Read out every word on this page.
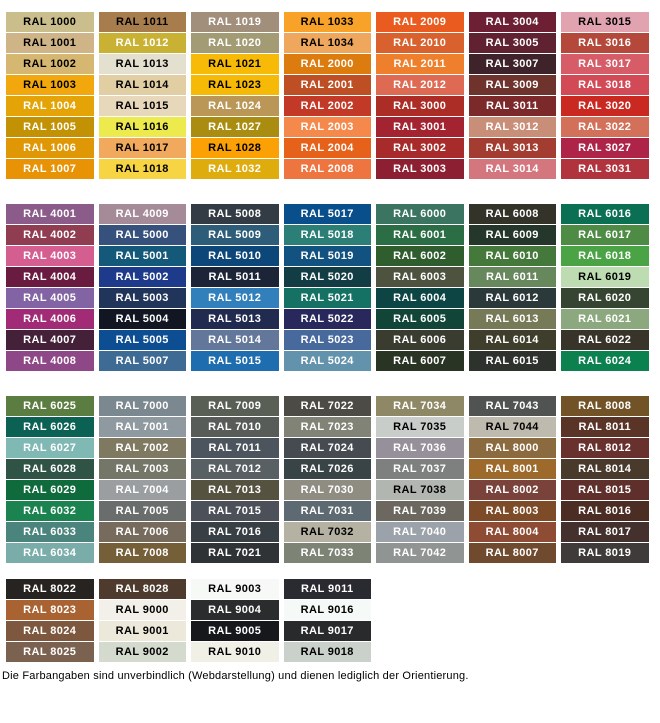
RAL 1000
RAL 1001
RAL 1002
RAL 1003
RAL 1004
RAL 1005
RAL 1006
RAL 1007
RAL 1011
RAL 1012
RAL 1013
RAL 1014
RAL 1015
RAL 1016
RAL 1017
RAL 1018
RAL 1019
RAL 1020
RAL 1021
RAL 1023
RAL 1024
RAL 1027
RAL 1028
RAL 1032
RAL 1033
RAL 1034
RAL 2000
RAL 2001
RAL 2002
RAL 2003
RAL 2004
RAL 2008
RAL 2009
RAL 2010
RAL 2011
RAL 2012
RAL 3000
RAL 3001
RAL 3002
RAL 3003
RAL 3004
RAL 3005
RAL 3007
RAL 3009
RAL 3011
RAL 3012
RAL 3013
RAL 3014
RAL 3015
RAL 3016
RAL 3017
RAL 3018
RAL 3020
RAL 3022
RAL 3027
RAL 3031
RAL 4001
RAL 4002
RAL 4003
RAL 4004
RAL 4005
RAL 4006
RAL 4007
RAL 4008
RAL 4009
RAL 5000
RAL 5001
RAL 5002
RAL 5003
RAL 5004
RAL 5005
RAL 5007
RAL 5008
RAL 5009
RAL 5010
RAL 5011
RAL 5012
RAL 5013
RAL 5014
RAL 5015
RAL 5017
RAL 5018
RAL 5019
RAL 5020
RAL 5021
RAL 5022
RAL 5023
RAL 5024
RAL 6000
RAL 6001
RAL 6002
RAL 6003
RAL 6004
RAL 6005
RAL 6006
RAL 6007
RAL 6008
RAL 6009
RAL 6010
RAL 6011
RAL 6012
RAL 6013
RAL 6014
RAL 6015
RAL 6016
RAL 6017
RAL 6018
RAL 6019
RAL 6020
RAL 6021
RAL 6022
RAL 6024
RAL 6025
RAL 6026
RAL 6027
RAL 6028
RAL 6029
RAL 6032
RAL 6033
RAL 6034
RAL 7000
RAL 7001
RAL 7002
RAL 7003
RAL 7004
RAL 7005
RAL 7006
RAL 7008
RAL 7009
RAL 7010
RAL 7011
RAL 7012
RAL 7013
RAL 7015
RAL 7016
RAL 7021
RAL 7022
RAL 7023
RAL 7024
RAL 7026
RAL 7030
RAL 7031
RAL 7032
RAL 7033
RAL 7034
RAL 7035
RAL 7036
RAL 7037
RAL 7038
RAL 7039
RAL 7040
RAL 7042
RAL 7043
RAL 7044
RAL 8000
RAL 8001
RAL 8002
RAL 8003
RAL 8004
RAL 8007
RAL 8008
RAL 8011
RAL 8012
RAL 8014
RAL 8015
RAL 8016
RAL 8017
RAL 8019
RAL 8022
RAL 8023
RAL 8024
RAL 8025
RAL 8028
RAL 9000
RAL 9001
RAL 9002
RAL 9003
RAL 9004
RAL 9005
RAL 9010
RAL 9011
RAL 9016
RAL 9017
RAL 9018

Die Farbangaben sind unverbindlich (Webdarstellung) und dienen lediglich der Orientierung.
